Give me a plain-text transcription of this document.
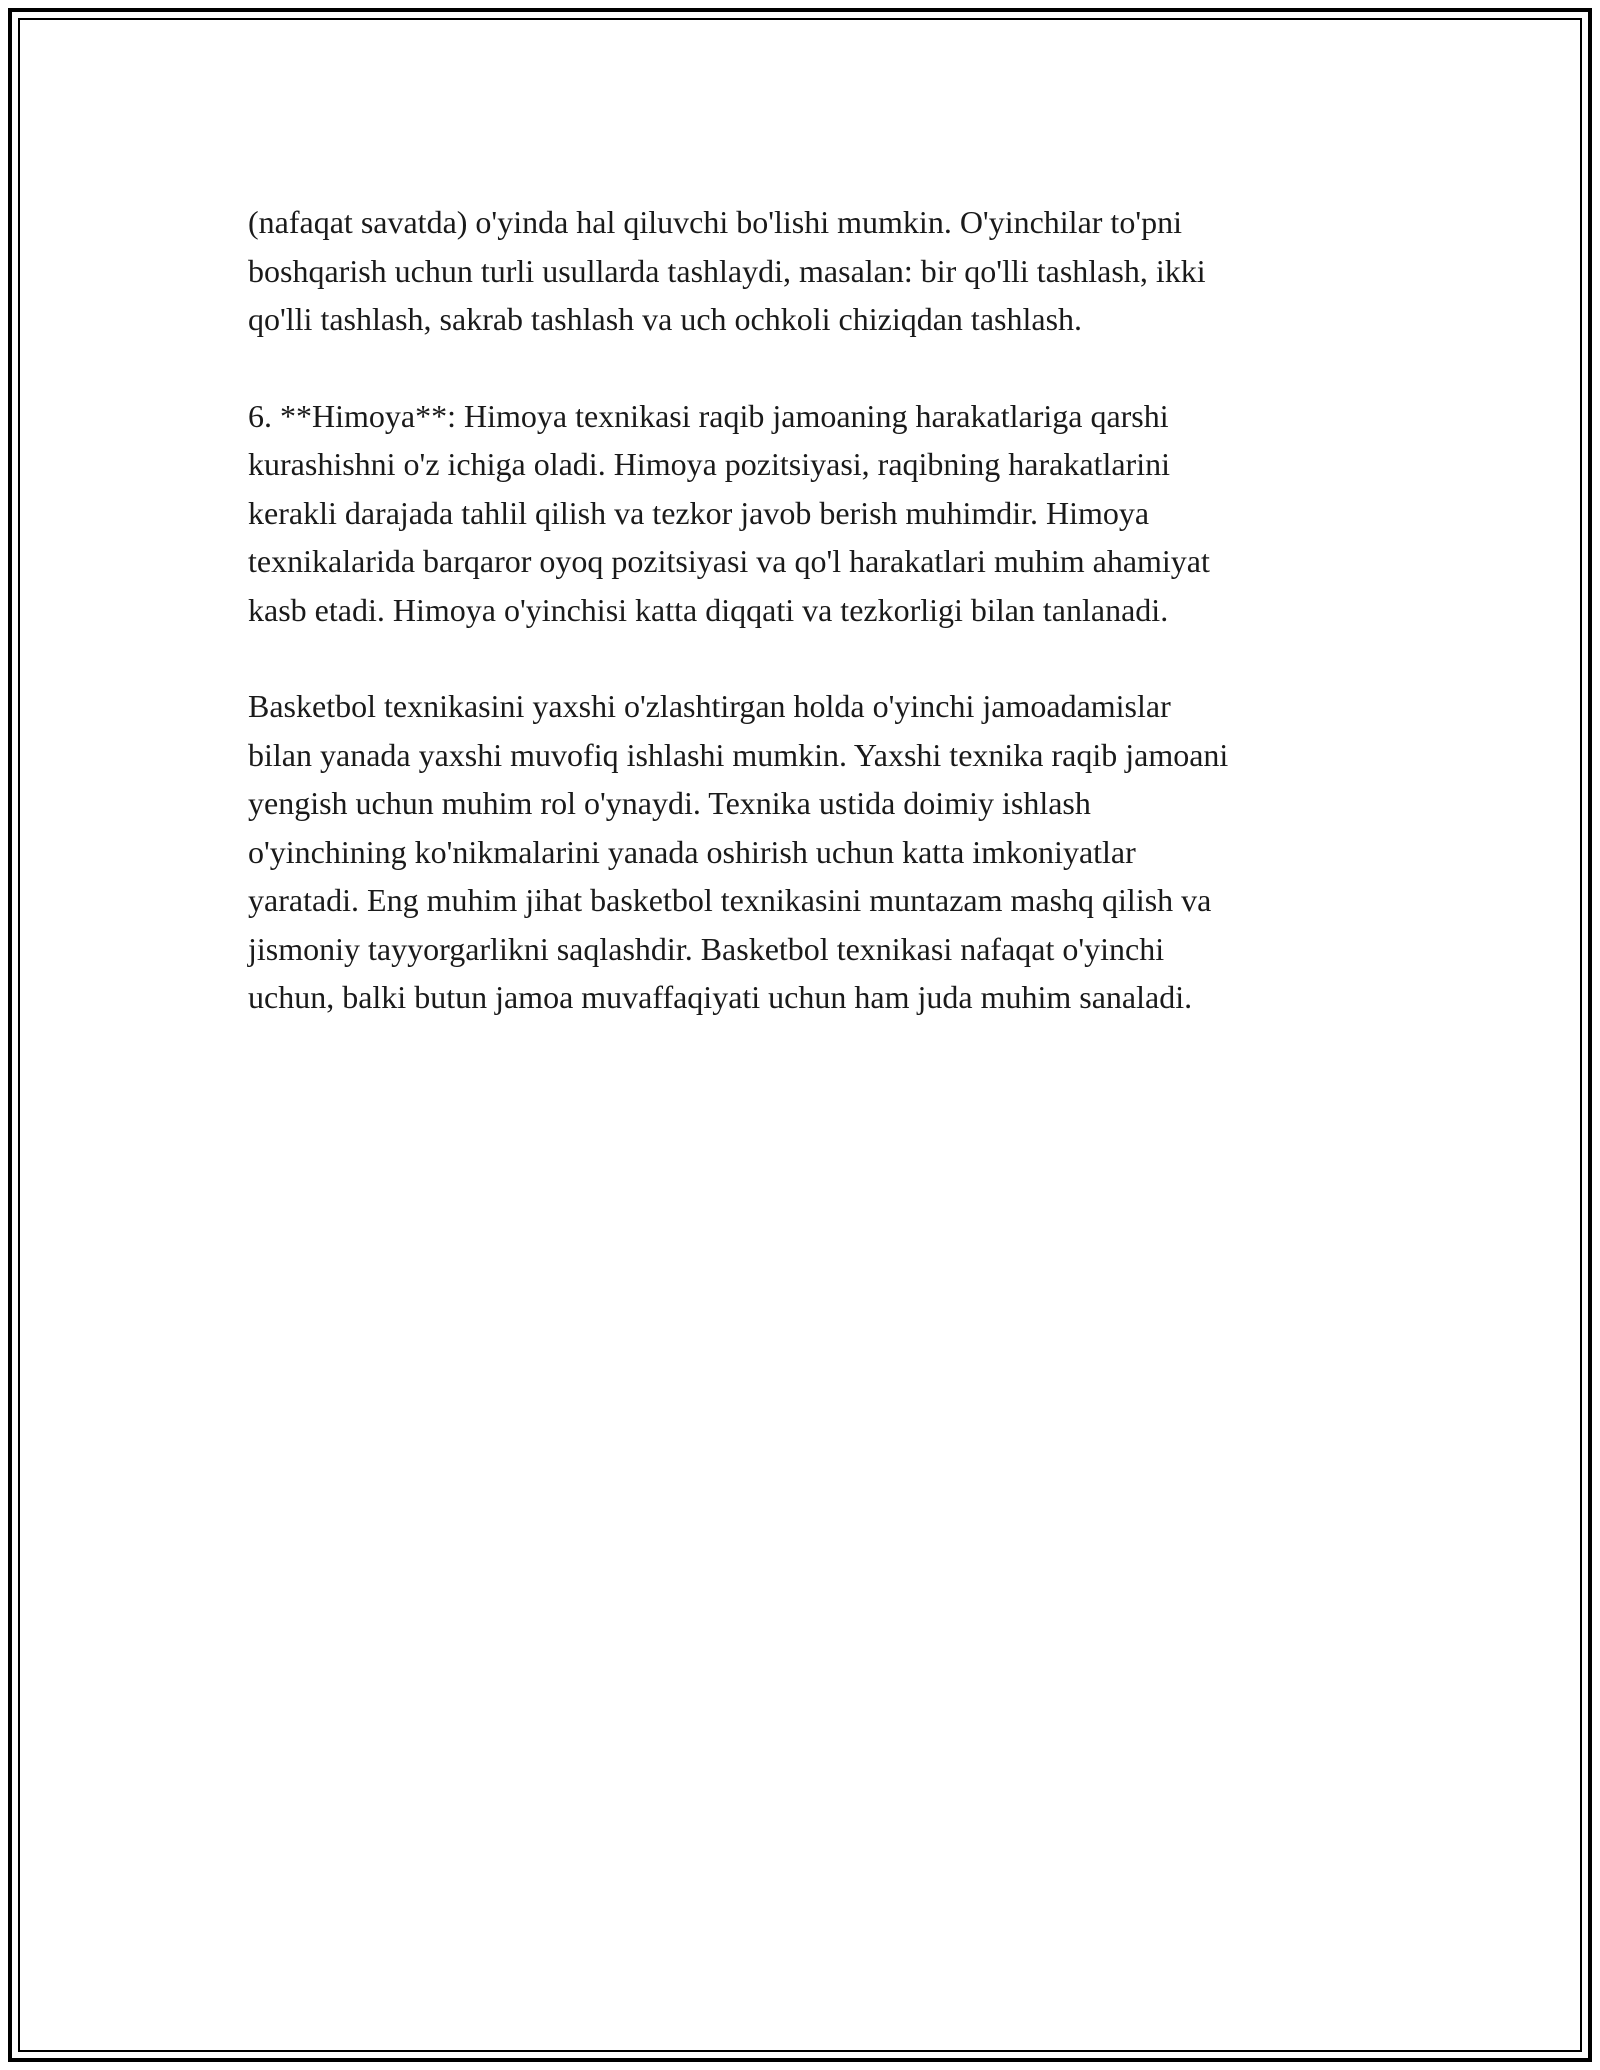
(nafaqat savatda) o'yinda hal qiluvchi bo'lishi mumkin. O'yinchilar to'pni
boshqarish uchun turli usullarda tashlaydi, masalan: bir qo'lli tashlash, ikki
qo'lli tashlash, sakrab tashlash va uch ochkoli chiziqdan tashlash.

6. **Himoya**: Himoya texnikasi raqib jamoaning harakatlariga qarshi
kurashishni o'z ichiga oladi. Himoya pozitsiyasi, raqibning harakatlarini
kerakli darajada tahlil qilish va tezkor javob berish muhimdir. Himoya
texnikalarida barqaror oyoq pozitsiyasi va qo'l harakatlari muhim ahamiyat
kasb etadi. Himoya o'yinchisi katta diqqati va tezkorligi bilan tanlanadi.

Basketbol texnikasini yaxshi o'zlashtirgan holda o'yinchi jamoadamislar
bilan yanada yaxshi muvofiq ishlashi mumkin. Yaxshi texnika raqib jamoani
yengish uchun muhim rol o'ynaydi. Texnika ustida doimiy ishlash
o'yinchining ko'nikmalarini yanada oshirish uchun katta imkoniyatlar
yaratadi. Eng muhim jihat basketbol texnikasini muntazam mashq qilish va
jismoniy tayyorgarlikni saqlashdir. Basketbol texnikasi nafaqat o'yinchi
uchun, balki butun jamoa muvaffaqiyati uchun ham juda muhim sanaladi.
